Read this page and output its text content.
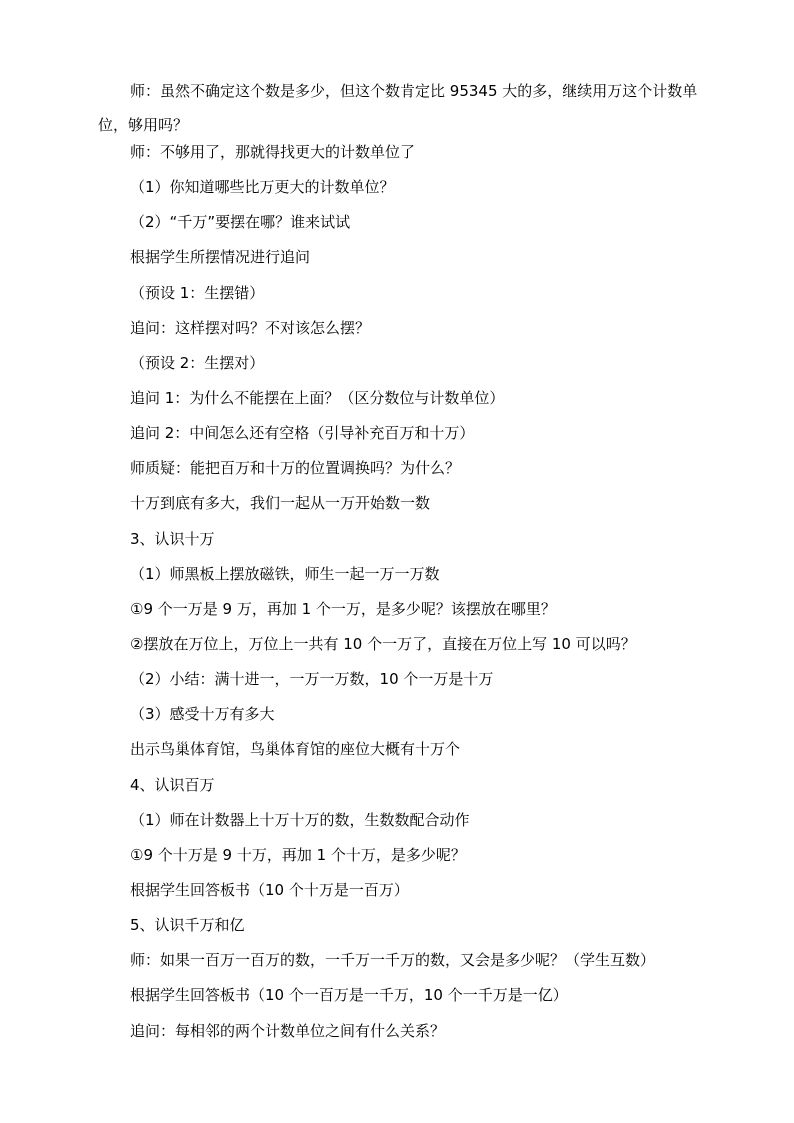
师：虽然不确定这个数是多少，但这个数肯定比 95345 大的多，继续用万这个计数单位，够用吗？
师：不够用了，那就得找更大的计数单位了
（1）你知道哪些比万更大的计数单位？
（2）“千万”要摆在哪？谁来试试
根据学生所摆情况进行追问
（预设 1：生摆错）
追问：这样摆对吗？不对该怎么摆？
（预设 2：生摆对）
追问 1：为什么不能摆在上面？（区分数位与计数单位）
追问 2：中间怎么还有空格（引导补充百万和十万）
师质疑：能把百万和十万的位置调换吗？为什么？
十万到底有多大，我们一起从一万开始数一数
3、认识十万
（1）师黑板上摆放磁铁，师生一起一万一万数
①9 个一万是 9 万，再加 1 个一万，是多少呢？该摆放在哪里？
②摆放在万位上，万位上一共有 10 个一万了，直接在万位上写 10 可以吗？
（2）小结：满十进一，一万一万数，10 个一万是十万
（3）感受十万有多大
出示鸟巢体育馆，鸟巢体育馆的座位大概有十万个
4、认识百万
（1）师在计数器上十万十万的数，生数数配合动作
①9 个十万是 9 十万，再加 1 个十万，是多少呢？
根据学生回答板书（10 个十万是一百万）
5、认识千万和亿
师：如果一百万一百万的数，一千万一千万的数，又会是多少呢？（学生互数）
根据学生回答板书（10 个一百万是一千万，10 个一千万是一亿）
追问：每相邻的两个计数单位之间有什么关系？
